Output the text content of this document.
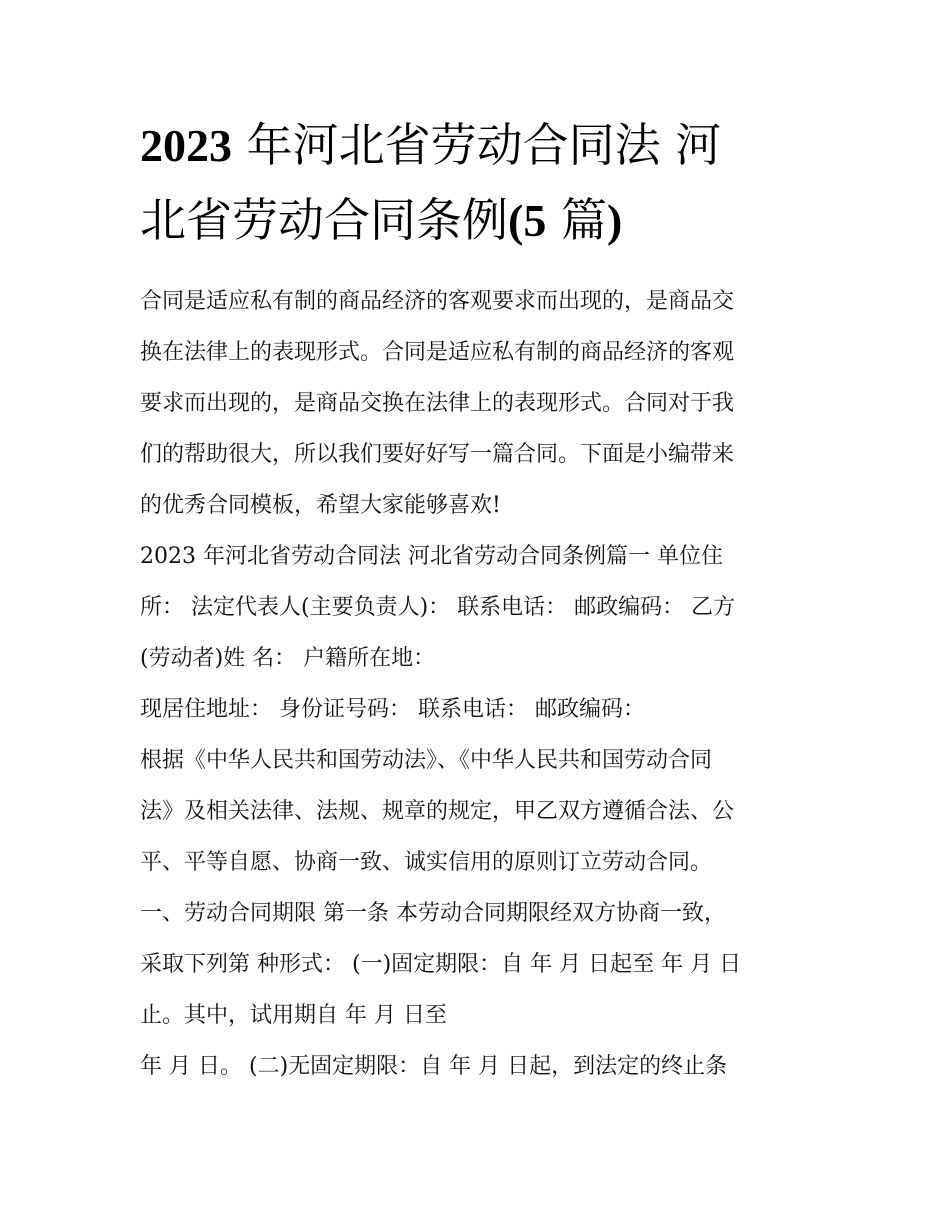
2023 年河北省劳动合同法 河
北省劳动合同条例(5 篇)
合同是适应私有制的商品经济的客观要求而出现的，是商品交
换在法律上的表现形式。合同是适应私有制的商品经济的客观
要求而出现的，是商品交换在法律上的表现形式。合同对于我
们的帮助很大，所以我们要好好写一篇合同。下面是小编带来
的优秀合同模板，希望大家能够喜欢!
2023 年河北省劳动合同法 河北省劳动合同条例篇一 单位住
所： 法定代表人(主要负责人)： 联系电话： 邮政编码： 乙方
(劳动者)姓 名： 户籍所在地：
现居住地址： 身份证号码： 联系电话： 邮政编码：
根据《中华人民共和国劳动法》、《中华人民共和国劳动合同
法》及相关法律、法规、规章的规定，甲乙双方遵循合法、公
平、平等自愿、协商一致、诚实信用的原则订立劳动合同。
一、劳动合同期限 第一条 本劳动合同期限经双方协商一致，
采取下列第 种形式： (一)固定期限：自 年 月 日起至 年 月 日
止。其中，试用期自 年 月 日至
年 月 日。 (二)无固定期限：自 年 月 日起，到法定的终止条
